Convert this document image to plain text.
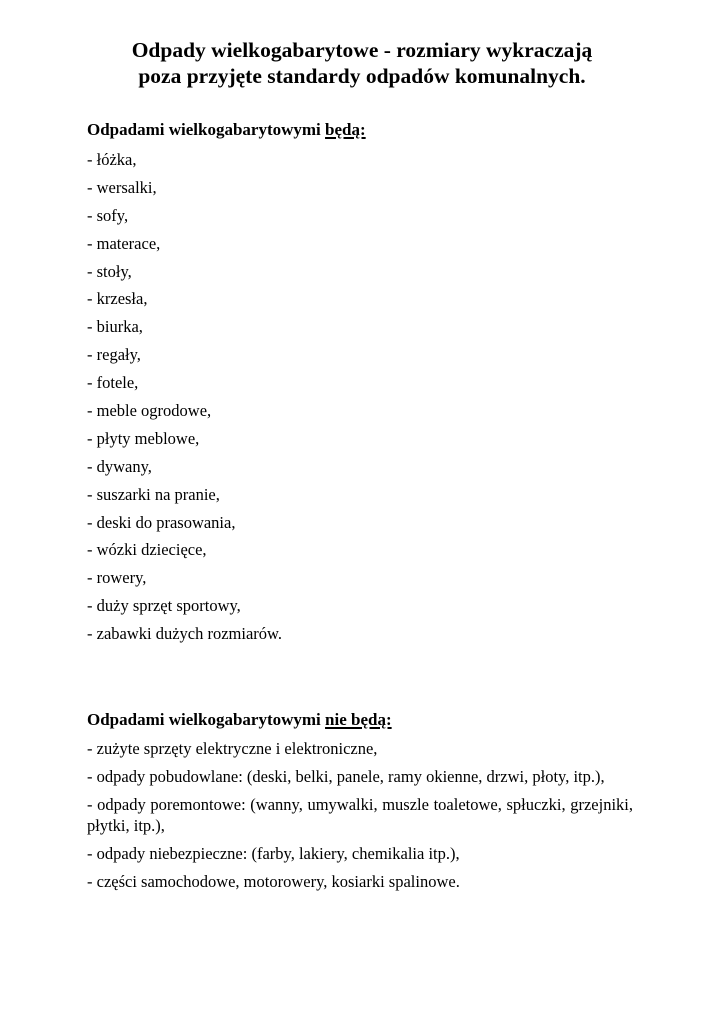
Odpady wielkogabarytowe - rozmiary wykraczają
poza przyjęte standardy odpadów komunalnych.
Odpadami wielkogabarytowymi będą:
- łóżka,
- wersalki,
- sofy,
- materace,
- stoły,
- krzesła,
- biurka,
- regały,
- fotele,
- meble ogrodowe,
- płyty meblowe,
- dywany,
- suszarki na pranie,
- deski do prasowania,
- wózki dziecięce,
- rowery,
- duży sprzęt sportowy,
- zabawki dużych rozmiarów.
Odpadami wielkogabarytowymi nie będą:
- zużyte sprzęty elektryczne i elektroniczne,
- odpady pobudowlane: (deski, belki, panele, ramy okienne, drzwi, płoty, itp.),
- odpady poremontowe: (wanny, umywalki, muszle toaletowe, spłuczki, grzejniki, płytki, itp.),
- odpady niebezpieczne: (farby, lakiery, chemikalia itp.),
- części samochodowe, motorowery, kosiarki spalinowe.
